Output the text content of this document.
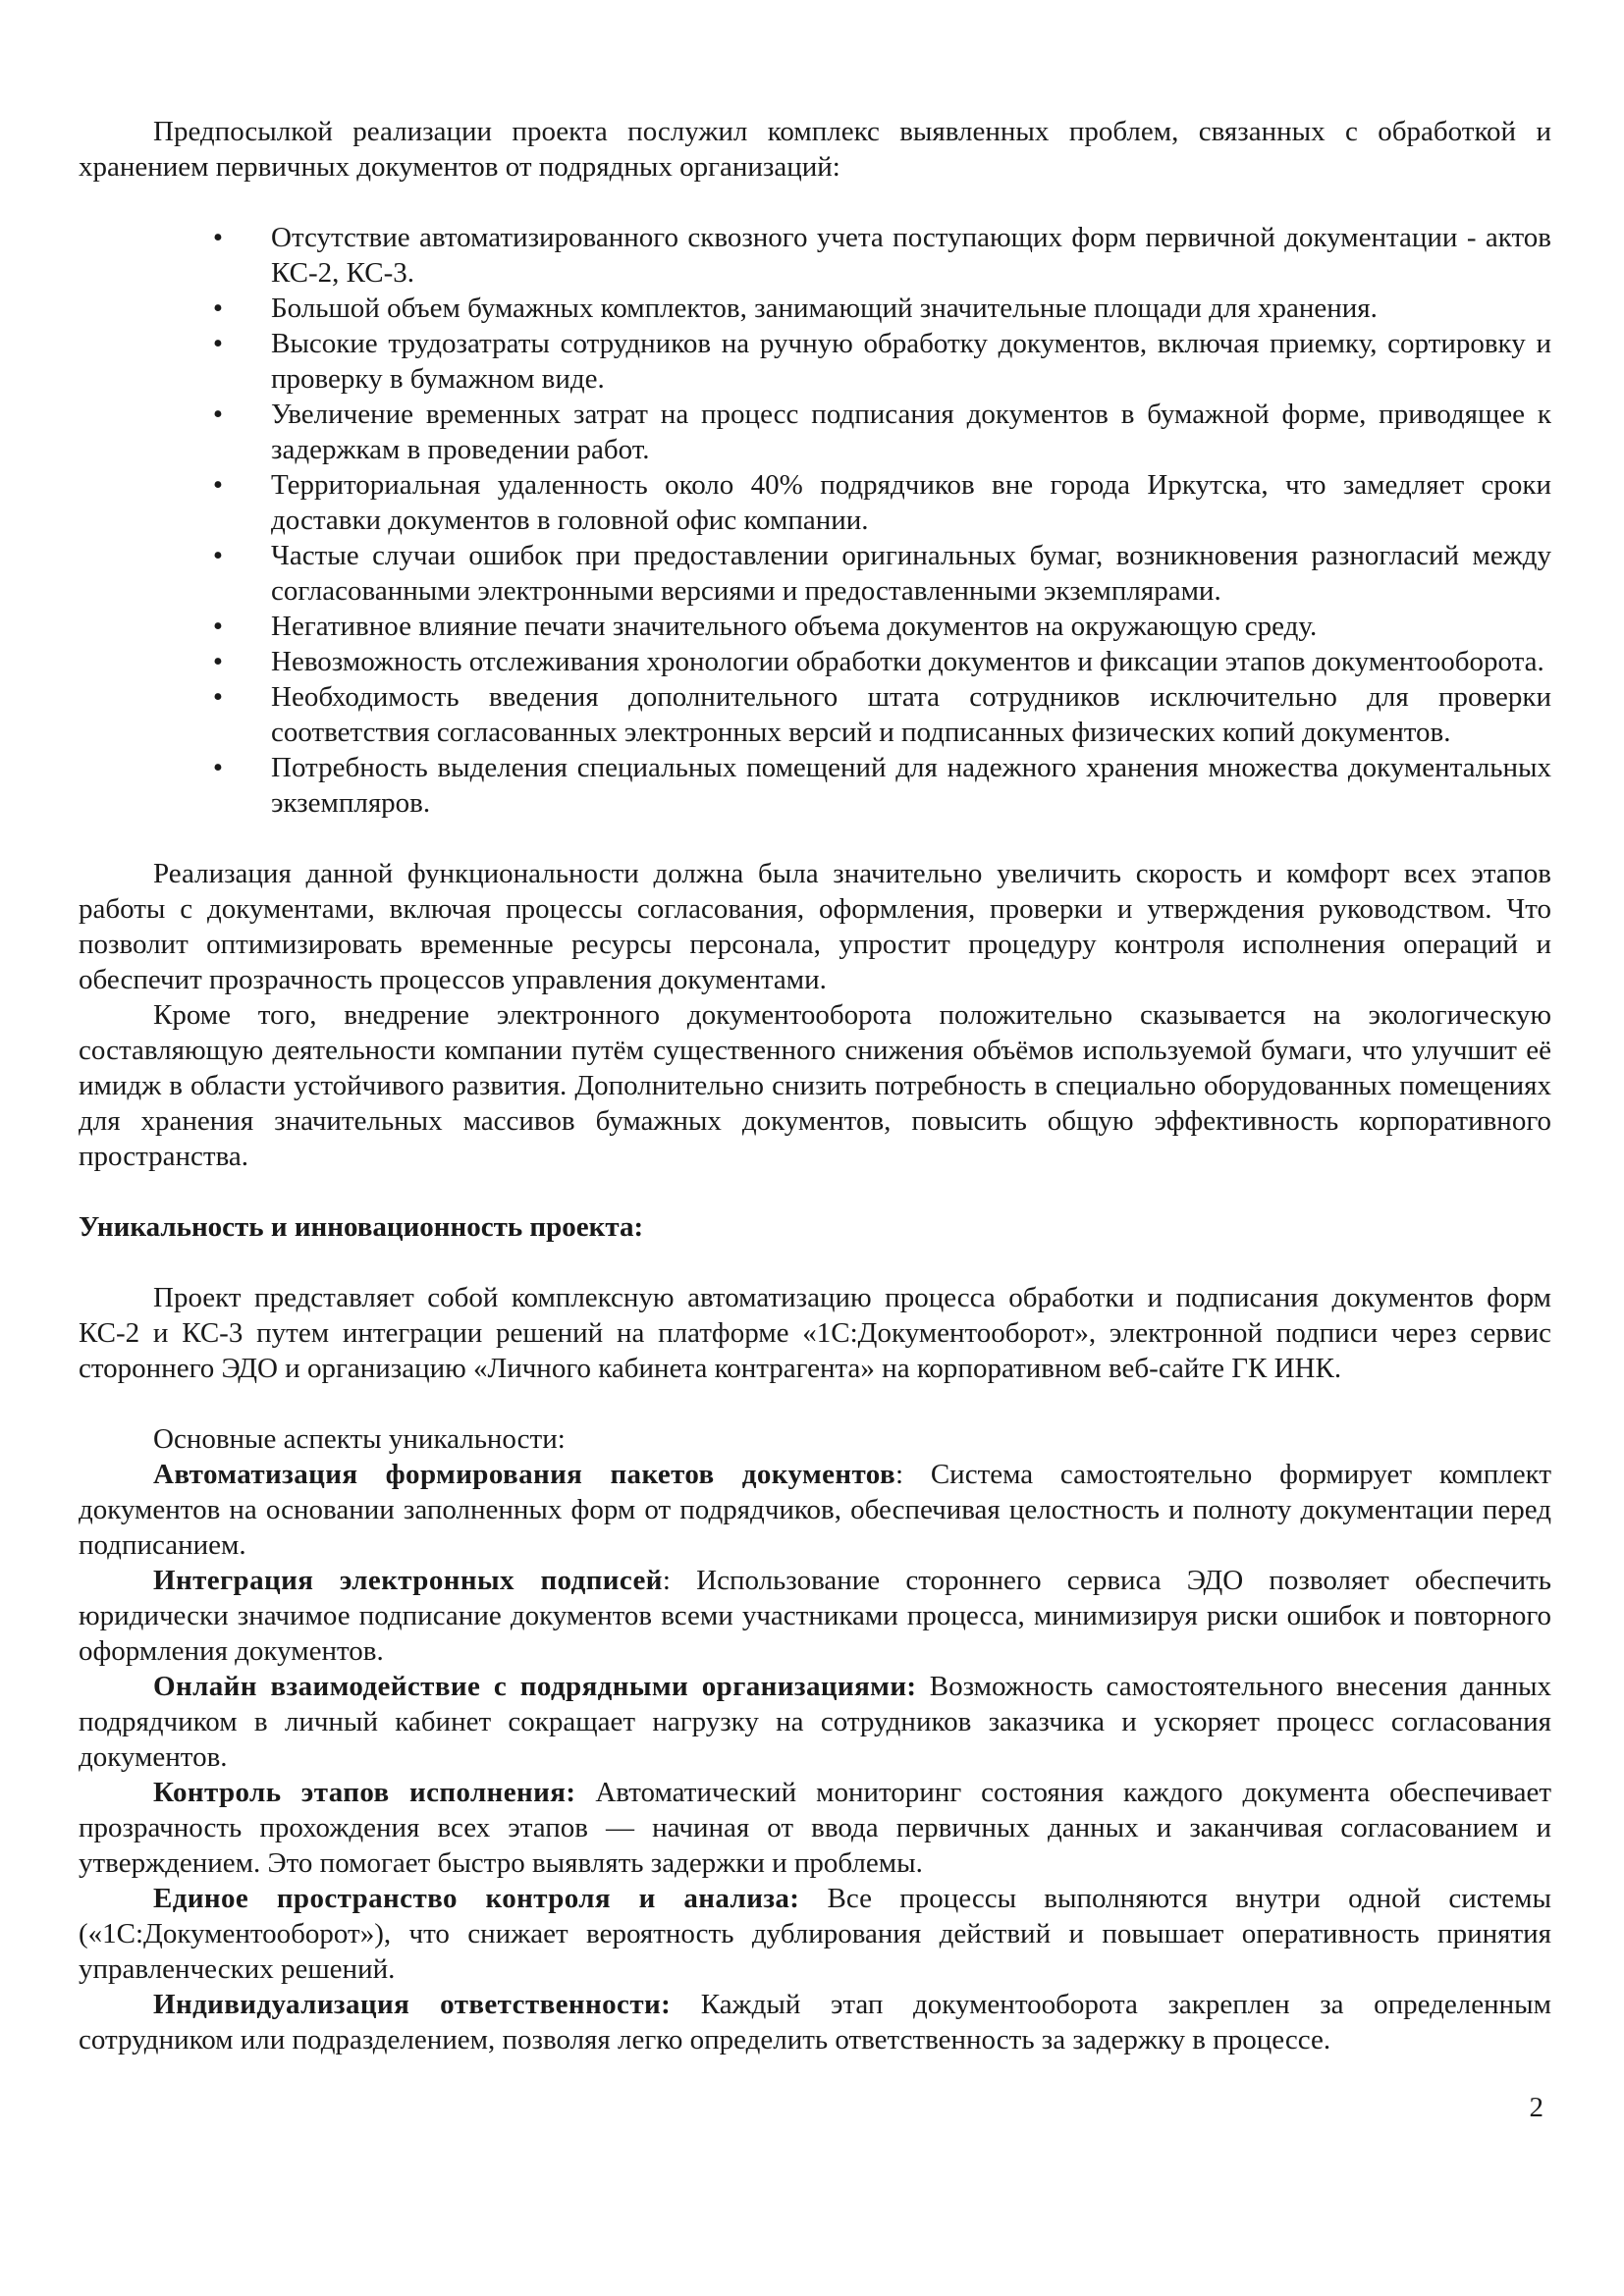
Предпосылкой реализации проекта послужил комплекс выявленных проблем, связанных с обработкой и хранением первичных документов от подрядных организаций:

• Отсутствие автоматизированного сквозного учета поступающих форм первичной документации - актов КС-2, КС-3.
• Большой объем бумажных комплектов, занимающий значительные площади для хранения.
• Высокие трудозатраты сотрудников на ручную обработку документов, включая приемку, сортировку и проверку в бумажном виде.
• Увеличение временных затрат на процесс подписания документов в бумажной форме, приводящее к задержкам в проведении работ.
• Территориальная удаленность около 40% подрядчиков вне города Иркутска, что замедляет сроки доставки документов в головной офис компании.
• Частые случаи ошибок при предоставлении оригинальных бумаг, возникновения разногласий между согласованными электронными версиями и предоставленными экземплярами.
• Негативное влияние печати значительного объема документов на окружающую среду.
• Невозможность отслеживания хронологии обработки документов и фиксации этапов документооборота.
• Необходимость введения дополнительного штата сотрудников исключительно для проверки соответствия согласованных электронных версий и подписанных физических копий документов.
• Потребность выделения специальных помещений для надежного хранения множества документальных экземпляров.

Реализация данной функциональности должна была значительно увеличить скорость и комфорт всех этапов работы с документами, включая процессы согласования, оформления, проверки и утверждения руководством. Что позволит оптимизировать временные ресурсы персонала, упростит процедуру контроля исполнения операций и обеспечит прозрачность процессов управления документами.

Кроме того, внедрение электронного документооборота положительно сказывается на экологическую составляющую деятельности компании путём существенного снижения объёмов используемой бумаги, что улучшит её имидж в области устойчивого развития. Дополнительно снизить потребность в специально оборудованных помещениях для хранения значительных массивов бумажных документов, повысить общую эффективность корпоративного пространства.

Уникальность и инновационность проекта:

Проект представляет собой комплексную автоматизацию процесса обработки и подписания документов форм КС-2 и КС-3 путем интеграции решений на платформе «1С:Документооборот», электронной подписи через сервис стороннего ЭДО и организацию «Личного кабинета контрагента» на корпоративном веб-сайте ГК ИНК.

Основные аспекты уникальности:

Автоматизация формирования пакетов документов: Система самостоятельно формирует комплект документов на основании заполненных форм от подрядчиков, обеспечивая целостность и полноту документации перед подписанием.

Интеграция электронных подписей: Использование стороннего сервиса ЭДО позволяет обеспечить юридически значимое подписание документов всеми участниками процесса, минимизируя риски ошибок и повторного оформления документов.

Онлайн взаимодействие с подрядными организациями: Возможность самостоятельного внесения данных подрядчиком в личный кабинет сокращает нагрузку на сотрудников заказчика и ускоряет процесс согласования документов.

Контроль этапов исполнения: Автоматический мониторинг состояния каждого документа обеспечивает прозрачность прохождения всех этапов — начиная от ввода первичных данных и заканчивая согласованием и утверждением. Это помогает быстро выявлять задержки и проблемы.

Единое пространство контроля и анализа: Все процессы выполняются внутри одной системы («1С:Документооборот»), что снижает вероятность дублирования действий и повышает оперативность принятия управленческих решений.

Индивидуализация ответственности: Каждый этап документооборота закреплен за определенным сотрудником или подразделением, позволяя легко определить ответственность за задержку в процессе.

2
